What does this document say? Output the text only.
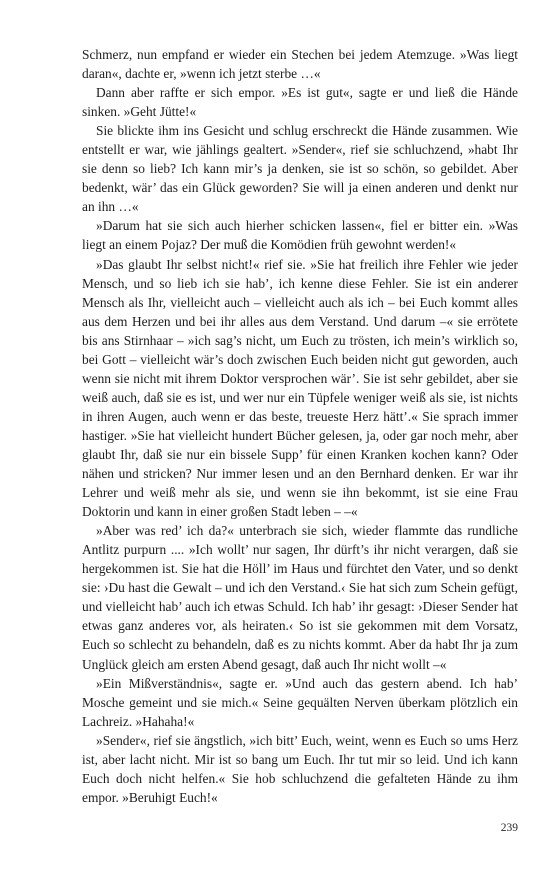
Schmerz, nun empfand er wieder ein Stechen bei jedem Atemzuge. »Was liegt daran«, dachte er, »wenn ich jetzt sterbe …«

Dann aber raffte er sich empor. »Es ist gut«, sagte er und ließ die Hände sinken. »Geht Jütte!«

Sie blickte ihm ins Gesicht und schlug erschreckt die Hände zusammen. Wie entstellt er war, wie jählings gealtert. »Sender«, rief sie schluchzend, »habt Ihr sie denn so lieb? Ich kann mir’s ja denken, sie ist so schön, so gebildet. Aber bedenkt, wär’ das ein Glück geworden? Sie will ja einen anderen und denkt nur an ihn …«

»Darum hat sie sich auch hierher schicken lassen«, fiel er bitter ein. »Was liegt an einem Pojaz? Der muß die Komödien früh gewohnt werden!«

»Das glaubt Ihr selbst nicht!« rief sie. »Sie hat freilich ihre Fehler wie jeder Mensch, und so lieb ich sie hab’, ich kenne diese Fehler. Sie ist ein anderer Mensch als Ihr, vielleicht auch – vielleicht auch als ich – bei Euch kommt alles aus dem Herzen und bei ihr alles aus dem Verstand. Und darum –« sie errötete bis ans Stirnhaar – »ich sag’s nicht, um Euch zu trösten, ich mein’s wirklich so, bei Gott – vielleicht wär’s doch zwischen Euch beiden nicht gut geworden, auch wenn sie nicht mit ihrem Doktor versprochen wär’. Sie ist sehr gebildet, aber sie weiß auch, daß sie es ist, und wer nur ein Tüpfele weniger weiß als sie, ist nichts in ihren Augen, auch wenn er das beste, treueste Herz hätt’.« Sie sprach immer hastiger. »Sie hat vielleicht hundert Bücher gelesen, ja, oder gar noch mehr, aber glaubt Ihr, daß sie nur ein bissele Supp’ für einen Kranken kochen kann? Oder nähen und stricken? Nur immer lesen und an den Bernhard denken. Er war ihr Lehrer und weiß mehr als sie, und wenn sie ihn bekommt, ist sie eine Frau Doktorin und kann in einer großen Stadt leben – –«

»Aber was red’ ich da?« unterbrach sie sich, wieder flammte das rundliche Antlitz purpurn .... »Ich wollt’ nur sagen, Ihr dürft’s ihr nicht verargen, daß sie hergekommen ist. Sie hat die Höll’ im Haus und fürchtet den Vater, und so denkt sie: ›Du hast die Gewalt – und ich den Verstand.‹ Sie hat sich zum Schein gefügt, und vielleicht hab’ auch ich etwas Schuld. Ich hab’ ihr gesagt: ›Dieser Sender hat etwas ganz anderes vor, als heiraten.‹ So ist sie gekommen mit dem Vorsatz, Euch so schlecht zu behandeln, daß es zu nichts kommt. Aber da habt Ihr ja zum Unglück gleich am ersten Abend gesagt, daß auch Ihr nicht wollt –«

»Ein Mißverständnis«, sagte er. »Und auch das gestern abend. Ich hab’ Mosche gemeint und sie mich.« Seine gequälten Nerven überkam plötzlich ein Lachreiz. »Hahaha!«

»Sender«, rief sie ängstlich, »ich bitt’ Euch, weint, wenn es Euch so ums Herz ist, aber lacht nicht. Mir ist so bang um Euch. Ihr tut mir so leid. Und ich kann Euch doch nicht helfen.« Sie hob schluchzend die gefalteten Hände zu ihm empor. »Beruhigt Euch!«

239
